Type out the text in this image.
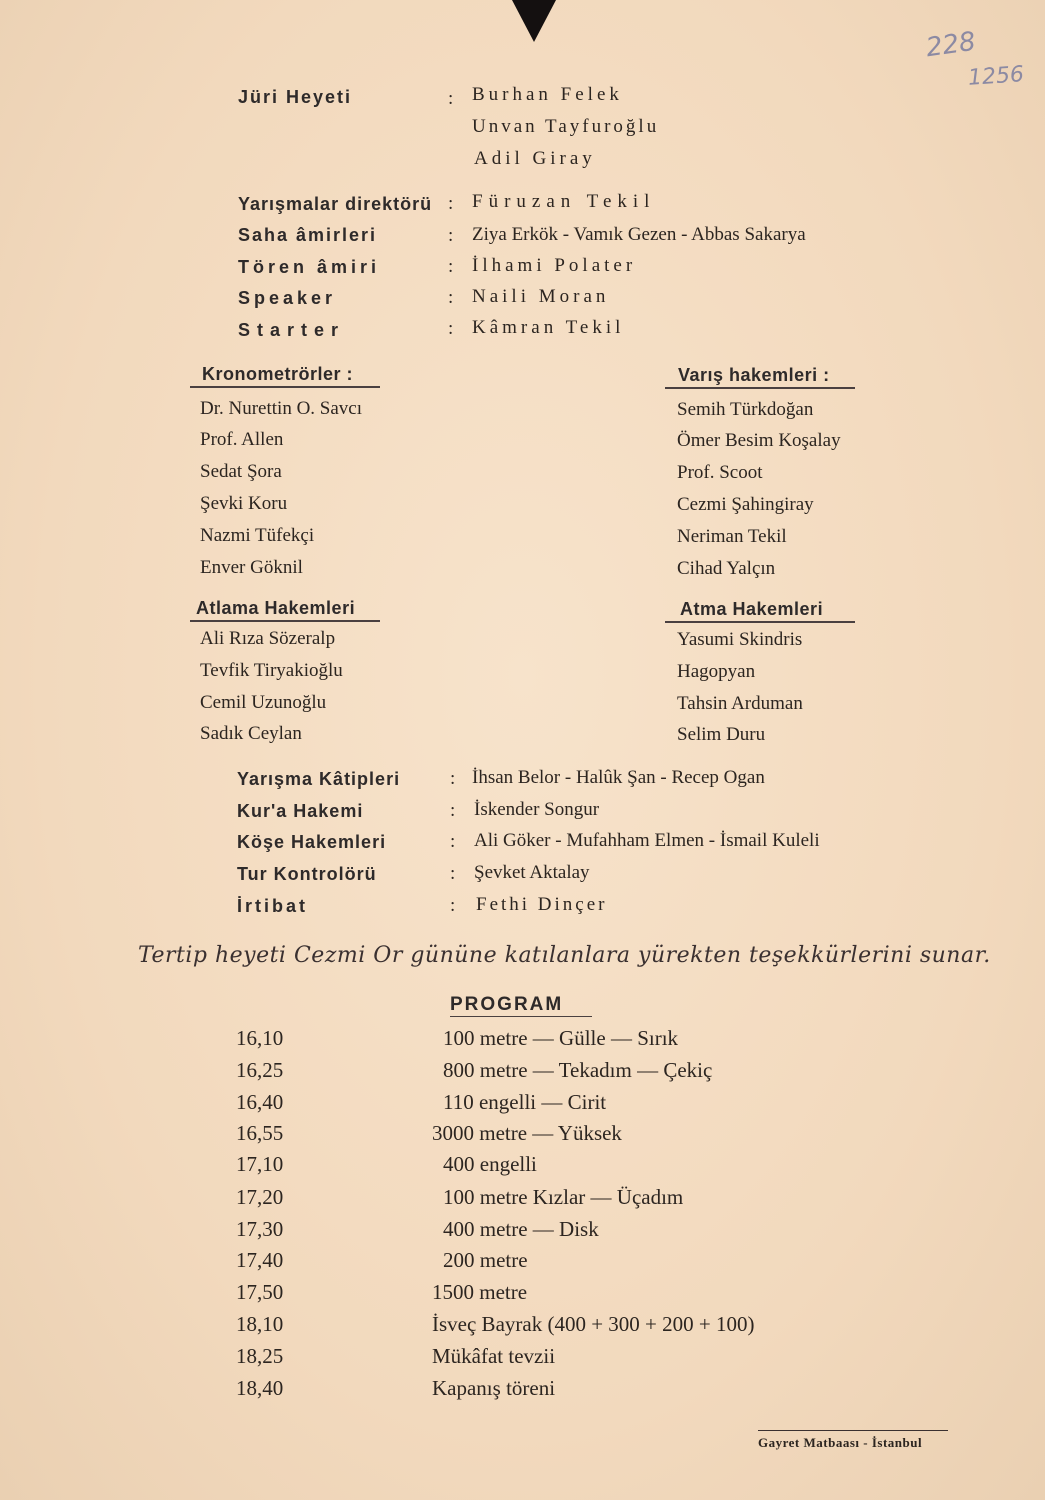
228
1256
Jüri Heyeti	: Burhan Felek
Unvan Tayfuroğlu
Adil Giray
Yarışmalar direktörü : Füruzan Tekil
Saha âmirleri	: Ziya Erkök - Vamık Gezen - Abbas Sakarya
Tören âmiri	: İlhami Polater
Speaker	: Naili Moran
Starter	: Kâmran Tekil
Kronometrörler :
Dr. Nurettin O. Savcı
Prof. Allen
Sedat Şora
Şevki Koru
Nazmi Tüfekçi
Enver Göknil
Varış hakemleri :
Semih Türkdoğan
Ömer Besim Koşalay
Prof. Scoot
Cezmi Şahingiray
Neriman Tekil
Cihad Yalçın
Atlama Hakemleri
Ali Rıza Sözeralp
Tevfik Tiryakioğlu
Cemil Uzunoğlu
Sadık Ceylan
Atma Hakemleri
Yasumi Skindris
Hagopyan
Tahsin Arduman
Selim Duru
Yarışma Kâtipleri	: İhsan Belor - Halûk Şan - Recep Ogan
Kur'a Hakemi	: İskender Songur
Köşe Hakemleri	: Ali Göker - Mufahham Elmen - İsmail Kuleli
Tur Kontrolörü	: Şevket Aktalay
İrtibat	: Fethi Dinçer
Tertip heyeti Cezmi Or gününe katılanlara yürekten teşekkürlerini sunar.
PROGRAM
16,10	100 metre — Gülle — Sırık
16,25	800 metre — Tekadım — Çekiç
16,40	110 engelli — Cirit
16,55	3000 metre — Yüksek
17,10	400 engelli
17,20	100 metre Kızlar — Üçadım
17,30	400 metre — Disk
17,40	200 metre
17,50	1500 metre
18,10	İsveç Bayrak (400 + 300 + 200 + 100)
18,25	Mükâfat tevzii
18,40	Kapanış töreni
Gayret Matbaası - İstanbul
